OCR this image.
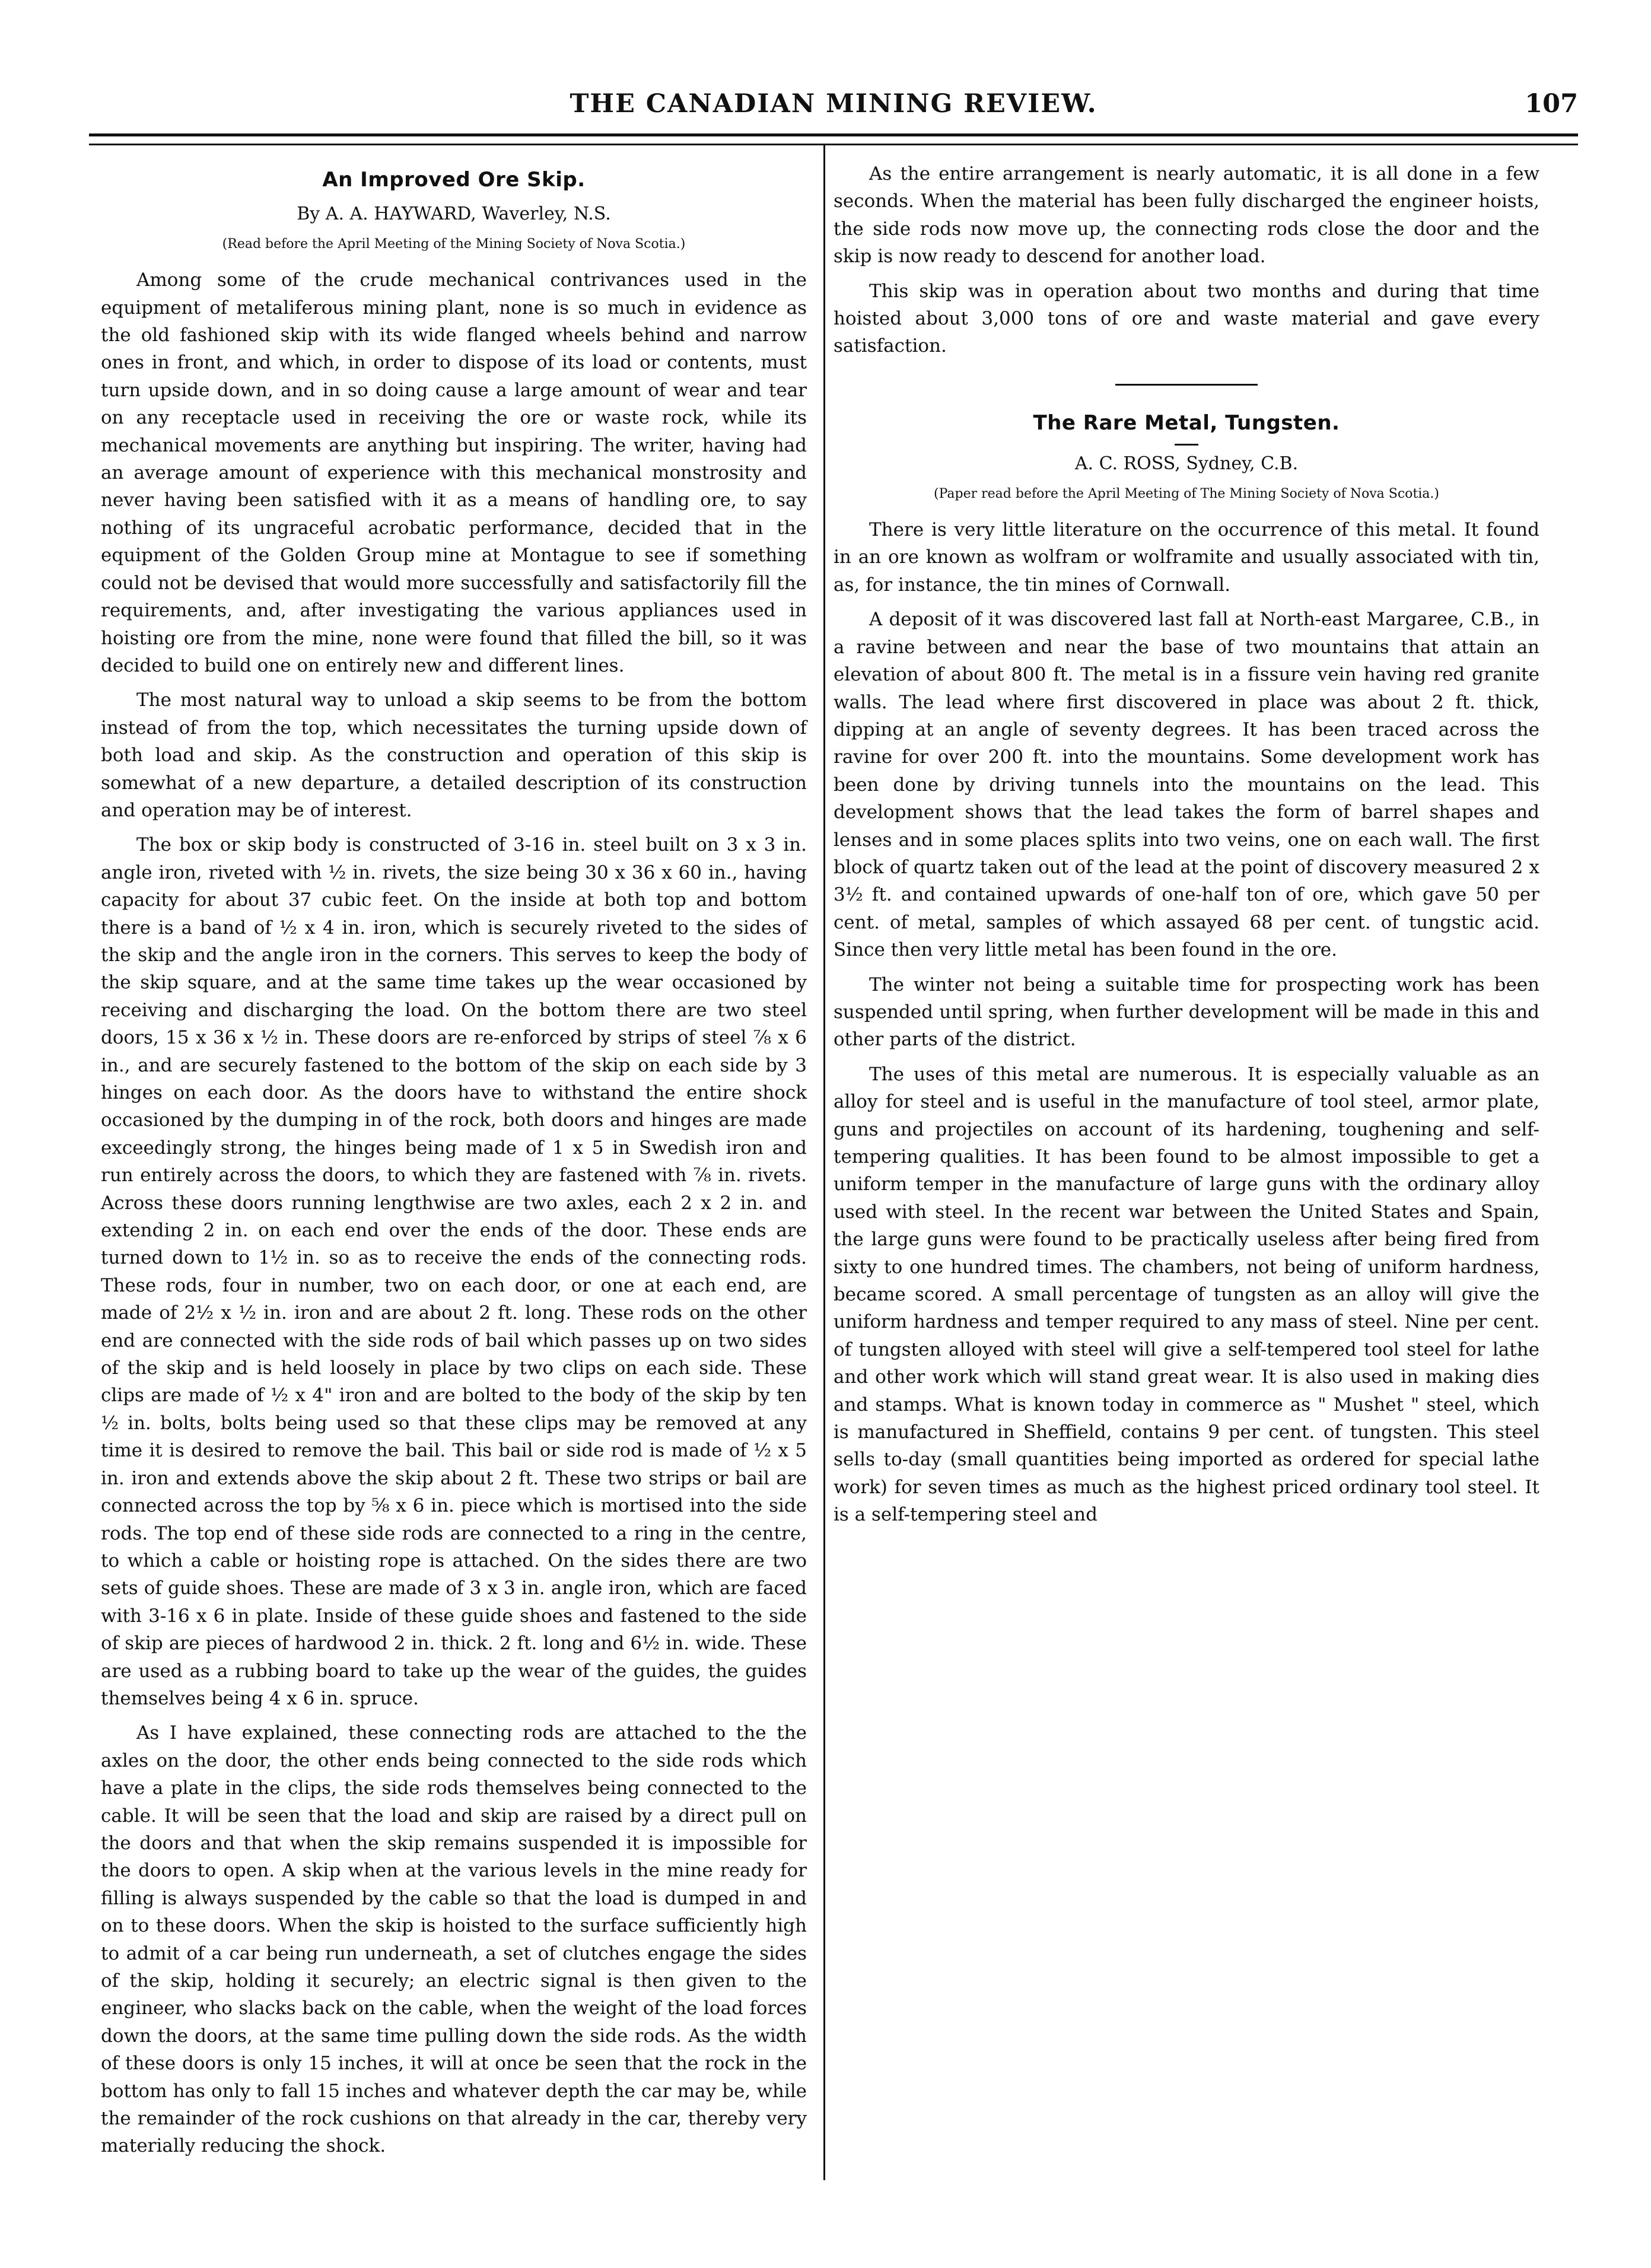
THE CANADIAN MINING REVIEW.	107
An Improved Ore Skip.
By A. A. HAYWARD, Waverley, N.S.
(Read before the April Meeting of the Mining Society of Nova Scotia.)

Among some of the crude mechanical contrivances used in the equipment of metaliferous mining plant, none is so much in evidence as the old fashioned skip with its wide flanged wheels behind and narrow ones in front, and which, in order to dispose of its load or contents, must turn upside down, and in so doing cause a large amount of wear and tear on any receptacle used in receiving the ore or waste rock, while its mechanical movements are anything but inspiring. The writer, having had an average amount of experience with this mechanical monstrosity and never having been satisfied with it as a means of handling ore, to say nothing of its ungraceful acrobatic performance, decided that in the equipment of the Golden Group mine at Montague to see if something could not be devised that would more successfully and satisfactorily fill the requirements, and, after investigating the various appliances used in hoisting ore from the mine, none were found that filled the bill, so it was decided to build one on entirely new and different lines.

The most natural way to unload a skip seems to be from the bottom instead of from the top, which necessitates the turning upside down of both load and skip. As the construction and operation of this skip is somewhat of a new departure, a detailed description of its construction and operation may be of interest.

The box or skip body is constructed of 3-16 in. steel built on 3 x 3 in. angle iron, riveted with ½ in. rivets, the size being 30 x 36 x 60 in., having capacity for about 37 cubic feet. On the inside at both top and bottom there is a band of ½ x 4 in. iron, which is securely riveted to the sides of the skip and the angle iron in the corners. This serves to keep the body of the skip square, and at the same time takes up the wear occasioned by receiving and discharging the load. On the bottom there are two steel doors, 15 x 36 x ½ in. These doors are re-enforced by strips of steel ⅞ x 6 in., and are securely fastened to the bottom of the skip on each side by 3 hinges on each door. As the doors have to withstand the entire shock occasioned by the dumping in of the rock, both doors and hinges are made exceedingly strong, the hinges being made of 1 x 5 in Swedish iron and run entirely across the doors, to which they are fastened with ⅞ in. rivets. Across these doors running lengthwise are two axles, each 2 x 2 in. and extending 2 in. on each end over the ends of the door. These ends are turned down to 1½ in. so as to receive the ends of the connecting rods. These rods, four in number, two on each door, or one at each end, are made of 2½ x ½ in. iron and are about 2 ft. long. These rods on the other end are connected with the side rods of bail which passes up on two sides of the skip and is held loosely in place by two clips on each side. These clips are made of ½ x 4" iron and are bolted to the body of the skip by ten ½ in. bolts, bolts being used so that these clips may be removed at any time it is desired to remove the bail. This bail or side rod is made of ½ x 5 in. iron and extends above the skip about 2 ft. These two strips or bail are connected across the top by ⅝ x 6 in. piece which is mortised into the side rods. The top end of these side rods are connected to a ring in the centre, to which a cable or hoisting rope is attached. On the sides there are two sets of guide shoes. These are made of 3 x 3 in. angle iron, which are faced with 3-16 x 6 in plate. Inside of these guide shoes and fastened to the side of skip are pieces of hardwood 2 in. thick. 2 ft. long and 6½ in. wide. These are used as a rubbing board to take up the wear of the guides, the guides themselves being 4 x 6 in. spruce.

As I have explained, these connecting rods are attached to the the axles on the door, the other ends being connected to the side rods which have a plate in the clips, the side rods themselves being connected to the cable. It will be seen that the load and skip are raised by a direct pull on the doors and that when the skip remains suspended it is impossible for the doors to open. A skip when at the various levels in the mine ready for filling is always suspended by the cable so that the load is dumped in and on to these doors. When the skip is hoisted to the surface sufficiently high to admit of a car being run underneath, a set of clutches engage the sides of the skip, holding it securely; an electric signal is then given to the engineer, who slacks back on the cable, when the weight of the load forces down the doors, at the same time pulling down the side rods. As the width of these doors is only 15 inches, it will at once be seen that the rock in the bottom has only to fall 15 inches and whatever depth the car may be, while the remainder of the rock cushions on that already in the car, thereby very materially reducing the shock.

As the entire arrangement is nearly automatic, it is all done in a few seconds. When the material has been fully discharged the engineer hoists, the side rods now move up, the connecting rods close the door and the skip is now ready to descend for another load.

This skip was in operation about two months and during that time hoisted about 3,000 tons of ore and waste material and gave every satisfaction.

The Rare Metal, Tungsten.
A. C. ROSS, Sydney, C.B.
(Paper read before the April Meeting of The Mining Society of Nova Scotia.)

There is very little literature on the occurrence of this metal. It found in an ore known as wolfram or wolframite and usually associated with tin, as, for instance, the tin mines of Cornwall.

A deposit of it was discovered last fall at North-east Margaree, C.B., in a ravine between and near the base of two mountains that attain an elevation of about 800 ft. The metal is in a fissure vein having red granite walls. The lead where first discovered in place was about 2 ft. thick, dipping at an angle of seventy degrees. It has been traced across the ravine for over 200 ft. into the mountains. Some development work has been done by driving tunnels into the mountains on the lead. This development shows that the lead takes the form of barrel shapes and lenses and in some places splits into two veins, one on each wall. The first block of quartz taken out of the lead at the point of discovery measured 2 x 3½ ft. and contained upwards of one-half ton of ore, which gave 50 per cent. of metal, samples of which assayed 68 per cent. of tungstic acid. Since then very little metal has been found in the ore.

The winter not being a suitable time for prospecting work has been suspended until spring, when further development will be made in this and other parts of the district.

The uses of this metal are numerous. It is especially valuable as an alloy for steel and is useful in the manufacture of tool steel, armor plate, guns and projectiles on account of its hardening, toughening and self-tempering qualities. It has been found to be almost impossible to get a uniform temper in the manufacture of large guns with the ordinary alloy used with steel. In the recent war between the United States and Spain, the large guns were found to be practically useless after being fired from sixty to one hundred times. The chambers, not being of uniform hardness, became scored. A small percentage of tungsten as an alloy will give the uniform hardness and temper required to any mass of steel. Nine per cent. of tungsten alloyed with steel will give a self-tempered tool steel for lathe and other work which will stand great wear. It is also used in making dies and stamps. What is known today in commerce as " Mushet " steel, which is manufactured in Sheffield, contains 9 per cent. of tungsten. This steel sells to-day (small quantities being imported as ordered for special lathe work) for seven times as much as the highest priced ordinary tool steel. It is a self-tempering steel and
